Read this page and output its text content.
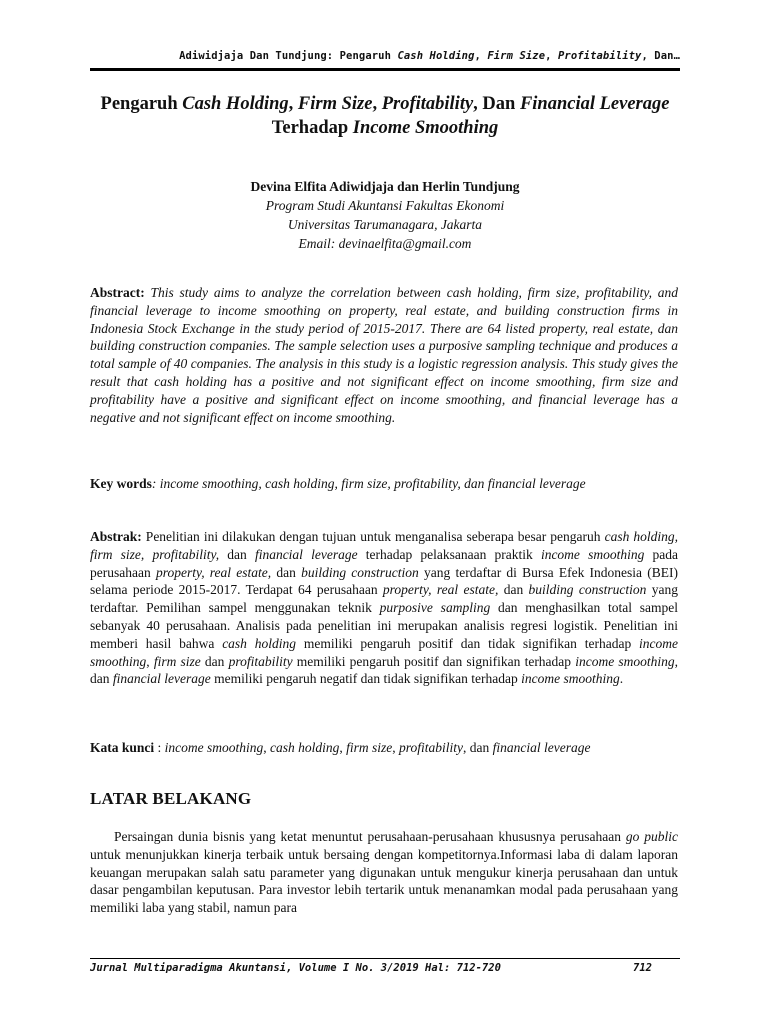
Adiwidjaja Dan Tundjung: Pengaruh Cash Holding, Firm Size, Profitability, Dan…
Pengaruh Cash Holding, Firm Size, Profitability, Dan Financial Leverage Terhadap Income Smoothing
Devina Elfita Adiwidjaja dan Herlin Tundjung
Program Studi Akuntansi Fakultas Ekonomi
Universitas Tarumanagara, Jakarta
Email: devinaelfita@gmail.com
Abstract: This study aims to analyze the correlation between cash holding, firm size, profitability, and financial leverage to income smoothing on property, real estate, and building construction firms in Indonesia Stock Exchange in the study period of 2015-2017. There are 64 listed property, real estate, dan building construction companies. The sample selection uses a purposive sampling technique and produces a total sample of 40 companies. The analysis in this study is a logistic regression analysis. This study gives the result that cash holding has a positive and not significant effect on income smoothing, firm size and profitability have a positive and significant effect on income smoothing, and financial leverage has a negative and not significant effect on income smoothing.
Key words: income smoothing, cash holding, firm size, profitability, dan financial leverage
Abstrak: Penelitian ini dilakukan dengan tujuan untuk menganalisa seberapa besar pengaruh cash holding, firm size, profitability, dan financial leverage terhadap pelaksanaan praktik income smoothing pada perusahaan property, real estate, dan building construction yang terdaftar di Bursa Efek Indonesia (BEI) selama periode 2015-2017. Terdapat 64 perusahaan property, real estate, dan building construction yang terdaftar. Pemilihan sampel menggunakan teknik purposive sampling dan menghasilkan total sampel sebanyak 40 perusahaan. Analisis pada penelitian ini merupakan analisis regresi logistik. Penelitian ini memberi hasil bahwa cash holding memiliki pengaruh positif dan tidak signifikan terhadap income smoothing, firm size dan profitability memiliki pengaruh positif dan signifikan terhadap income smoothing, dan financial leverage memiliki pengaruh negatif dan tidak signifikan terhadap income smoothing.
Kata kunci : income smoothing, cash holding, firm size, profitability, dan financial leverage
LATAR BELAKANG
Persaingan dunia bisnis yang ketat menuntut perusahaan-perusahaan khususnya perusahaan go public untuk menunjukkan kinerja terbaik untuk bersaing dengan kompetitornya.Informasi laba di dalam laporan keuangan merupakan salah satu parameter yang digunakan untuk mengukur kinerja perusahaan dan untuk dasar pengambilan keputusan. Para investor lebih tertarik untuk menanamkan modal pada perusahaan yang memiliki laba yang stabil, namun para
Jurnal Multiparadigma Akuntansi, Volume I No. 3/2019 Hal: 712-720	712
